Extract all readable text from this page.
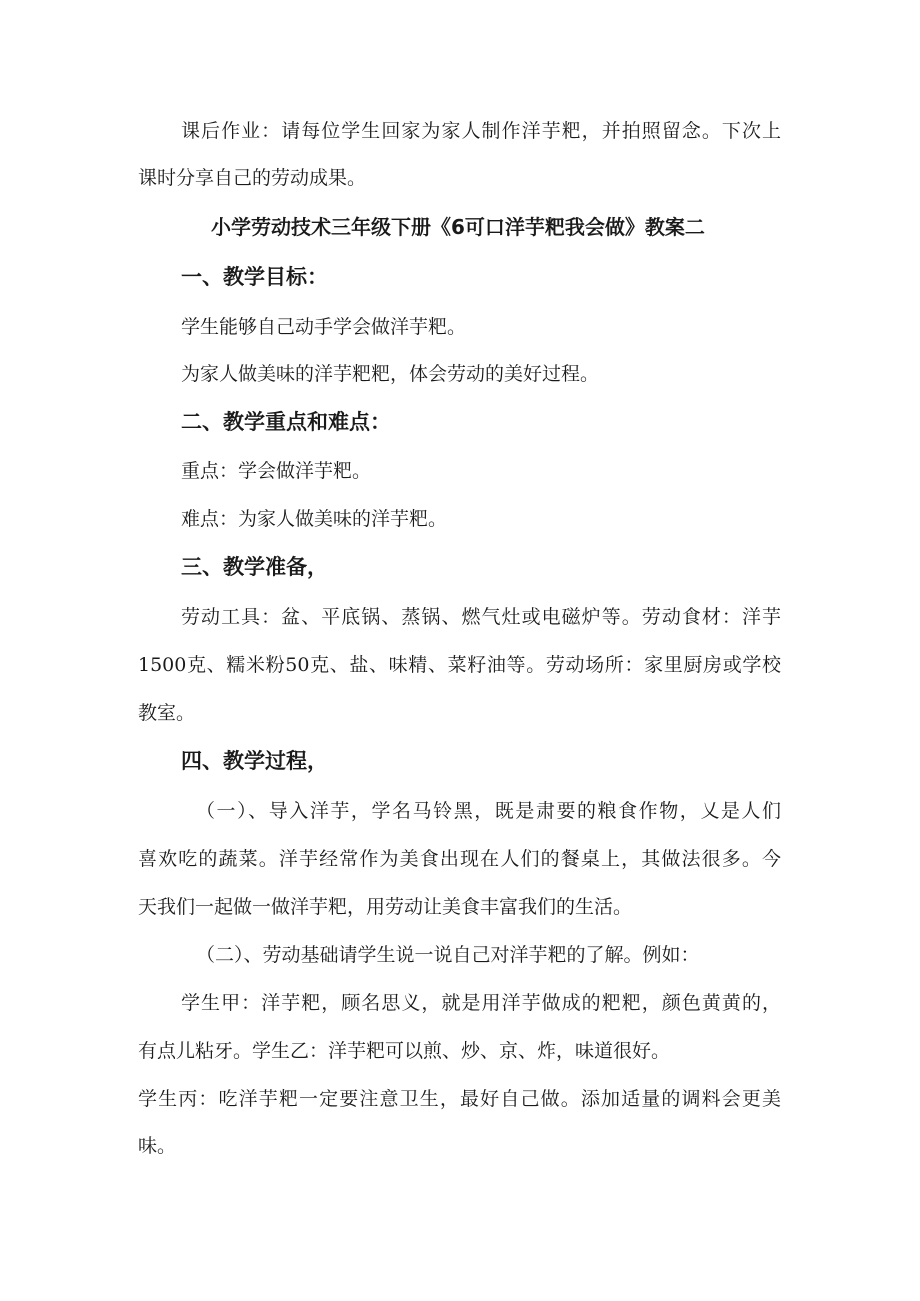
课后作业：请每位学生回家为家人制作洋芋粑，并拍照留念。下次上
课时分享自己的劳动成果。
小学劳动技术三年级下册《6可口洋芋粑我会做》教案二
一、教学目标：
学生能够自己动手学会做洋芋粑。
为家人做美味的洋芋粑粑，体会劳动的美好过程。
二、教学重点和难点：
重点：学会做洋芋粑。
难点：为家人做美味的洋芋粑。
三、教学准备，
劳动工具：盆、平底锅、蒸锅、燃气灶或电磁炉等。劳动食材：洋芋
1500克、糯米粉50克、盐、味精、菜籽油等。劳动场所：家里厨房或学校
教室。
四、教学过程，
（一）、导入洋芋，学名马铃黑，既是肃要的粮食作物，乂是人们
喜欢吃的蔬菜。洋芋经常作为美食出现在人们的餐桌上，其做法很多。今
天我们一起做一做洋芋粑，用劳动让美食丰富我们的生活。
（二）、劳动基础请学生说一说自己对洋芋粑的了解。例如：
学生甲：洋芋粑，顾名思义，就是用洋芋做成的粑粑，颜色黄黄的，
有点儿粘牙。学生乙：洋芋粑可以煎、炒、京、炸，味道很好。
学生丙：吃洋芋粑一定要注意卫生，最好自己做。添加适量的调料会更美
味。
